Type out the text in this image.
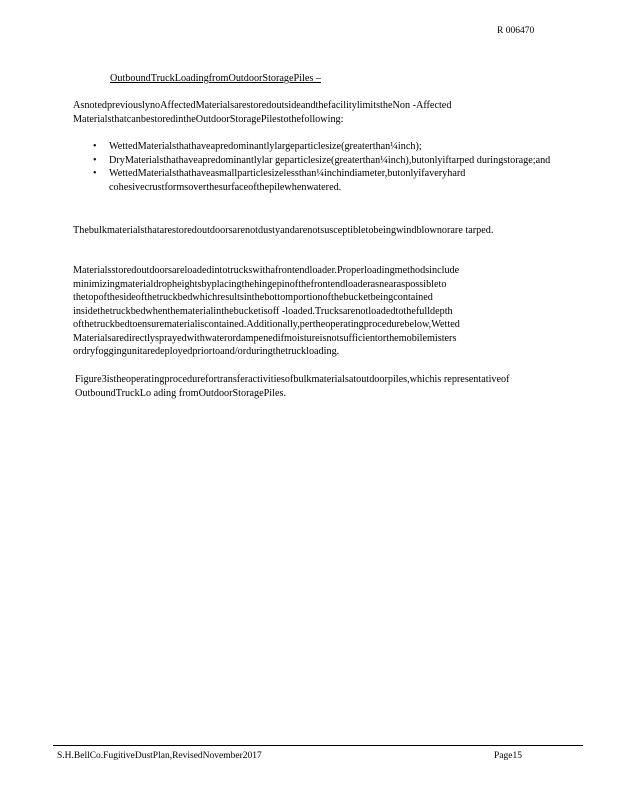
R 006470
OutboundTruckLoadingfromOutdoorStoragePiles –

AsnotedpreviouslynoAffectedMaterialsarestoredoutsideandthefacilitylimitstheNon -Affected MaterialsthatcanbestoredintheOutdoorStoragePilestothefollowing:

• WettedMaterialsthathaveapredominantlylargeparticlesize(greaterthan¼inch);
• DryMaterialsthathaveapredominantlylar geparticlesize(greaterthan¼inch),butonlyiftarped duringstorage;and
• WettedMaterialsthathaveasmallparticlesizelessthan¼inchindiameter,butonlyifaveryhard cohesivecrustformsoverthesurfaceofthepilewhenwatered.

Thebulkmaterialsthatarestoredoutdoorsarenotdustyandarenotsusceptibletobeingwindblownorare tarped.

Materialsstoredoutdoorsareloadedintotruckswithafrontendloader.Properloadingmethodsinclude minimizingmaterialdropheightsbyplacingthehingepinofthefrontendloaderasnearaspossibleto thetopofthesideofthetruckbedwhichresultsinthebottomportionofthebucketbeingcontained insidethetruckbedwhenthematerialinthebucketisoff -loaded.Trucksarenotloadedtothefulldepth ofthetruckbedtoensurematerialiscontained.Additionally,pertheoperatingprocedurebelow,Wetted Materialsaredirectlysprayedwithwaterordampenedifmoistureisnotsufficientorthemobilemisters ordryfoggingunitaredeployedpriortoand/orduringthetruckloading.

Figure3istheoperatingprocedurefortransferactivitiesofbulkmaterialsatoutdoorpiles,whichis representativeof OutboundTruckLo ading fromOutdoorStoragePiles.

S.H.BellCo.FugitiveDustPlan,RevisedNovember2017	Page15
